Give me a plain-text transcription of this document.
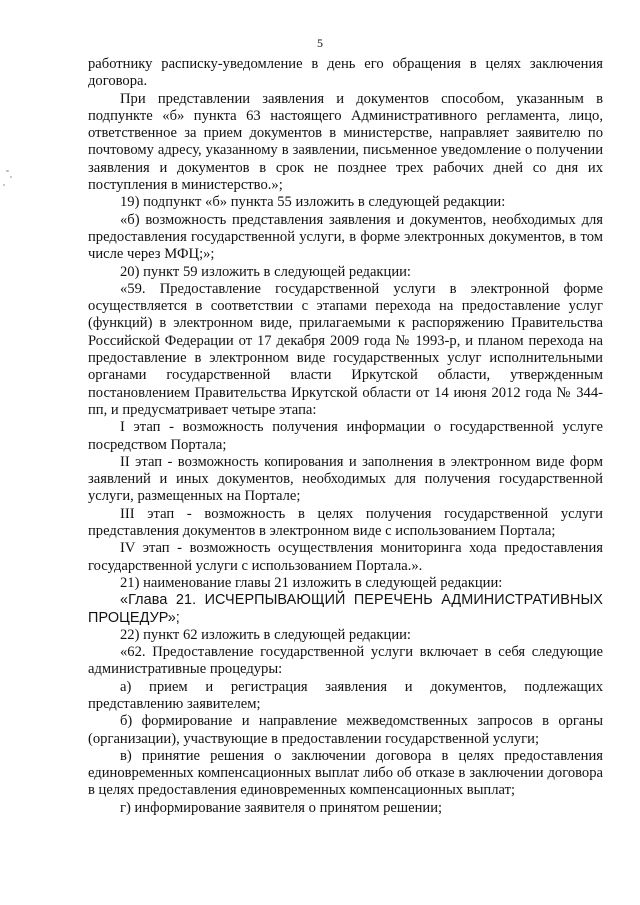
5

работнику расписку-уведомление в день его обращения в целях заключения договора.

При представлении заявления и документов способом, указанным в подпункте «б» пункта 63 настоящего Административного регламента, лицо, ответственное за прием документов в министерстве, направляет заявителю по почтовому адресу, указанному в заявлении, письменное уведомление о получении заявления и документов в срок не позднее трех рабочих дней со дня их поступления в министерство.»;

19) подпункт «б» пункта 55 изложить в следующей редакции:

«б) возможность представления заявления и документов, необходимых для предоставления государственной услуги, в форме электронных документов, в том числе через МФЦ;»;

20) пункт 59 изложить в следующей редакции:

«59. Предоставление государственной услуги в электронной форме осуществляется в соответствии с этапами перехода на предоставление услуг (функций) в электронном виде, прилагаемыми к распоряжению Правительства Российской Федерации от 17 декабря 2009 года № 1993-р, и планом перехода на предоставление в электронном виде государственных услуг исполнительными органами государственной власти Иркутской области, утвержденным постановлением Правительства Иркутской области от 14 июня 2012 года № 344-пп, и предусматривает четыре этапа:

I этап - возможность получения информации о государственной услуге посредством Портала;

II этап - возможность копирования и заполнения в электронном виде форм заявлений и иных документов, необходимых для получения государственной услуги, размещенных на Портале;

III этап - возможность в целях получения государственной услуги представления документов в электронном виде с использованием Портала;

IV этап - возможность осуществления мониторинга хода предоставления государственной услуги с использованием Портала.».

21) наименование главы 21 изложить в следующей редакции:

«Глава 21. ИСЧЕРПЫВАЮЩИЙ ПЕРЕЧЕНЬ АДМИНИСТРАТИВНЫХ ПРОЦЕДУР»;

22) пункт 62 изложить в следующей редакции:

«62. Предоставление государственной услуги включает в себя следующие административные процедуры:

а) прием и регистрация заявления и документов, подлежащих представлению заявителем;

б) формирование и направление межведомственных запросов в органы (организации), участвующие в предоставлении государственной услуги;

в) принятие решения о заключении договора в целях предоставления единовременных компенсационных выплат либо об отказе в заключении договора в целях предоставления единовременных компенсационных выплат;

г) информирование заявителя о принятом решении;
